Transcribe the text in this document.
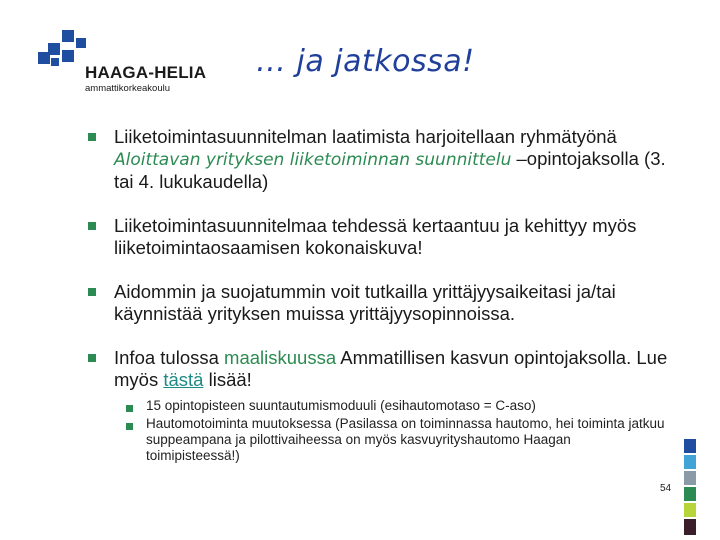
HAAGA-HELIA
ammattikorkeakoulu
… ja jatkossa!
Liiketoimintasuunnitelman laatimista harjoitellaan ryhmätyönä Aloittavan yrityksen liiketoiminnan suunnittelu –opintojaksolla (3. tai 4. lukukaudella)
Liiketoimintasuunnitelmaa tehdessä kertaantuu ja kehittyy myös liiketoimintaosaamisen kokonaiskuva!
Aidommin ja suojatummin voit tutkailla yrittäjyysaikeitasi ja/tai käynnistää yrityksen muissa yrittäjyysopinnoissa.
Infoa tulossa maaliskuussa Ammatillisen kasvun opintojaksolla. Lue myös tästä lisää!
15 opintopisteen suuntautumismoduuli (esihautomotaso = C-aso)
Hautomotoiminta muutoksessa (Pasilassa on toiminnassa hautomo, hei toiminta jatkuu suppeampana ja pilottivaiheessa on myös kasvuyrityshautomo Haagan toimipisteessä!)
54
